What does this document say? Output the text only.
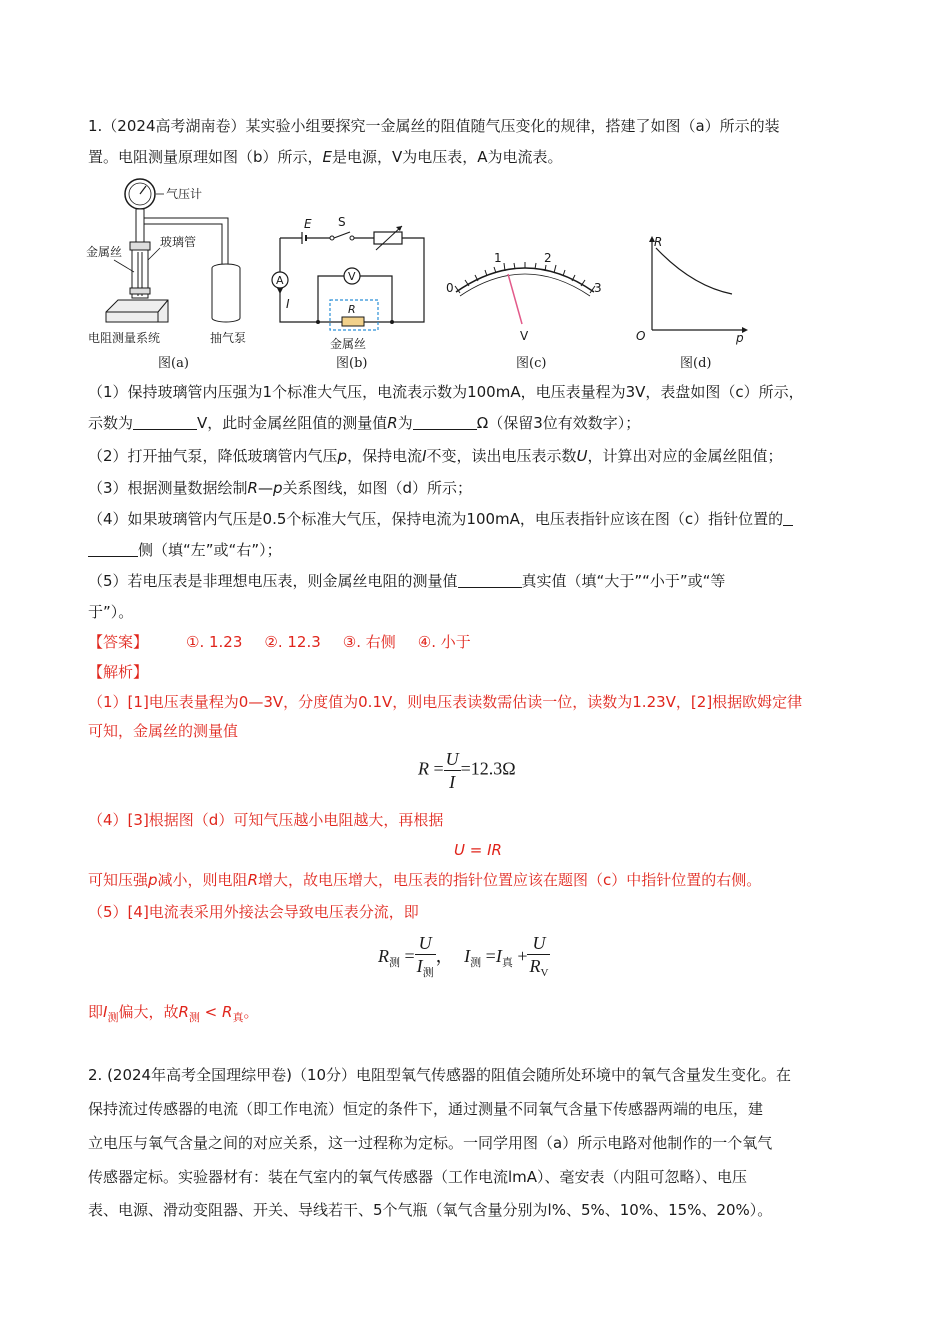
1.（2024高考湖南卷）某实验小组要探究一金属丝的阻值随气压变化的规律，搭建了如图（a）所示的装
置。电阻测量原理如图（b）所示，E是电源，V为电压表，A为电流表。
气压计
金属丝
玻璃管
电阻测量系统	抽气泵
图(a)
E S
A
I
V
R
金属丝
图(b)
0
1	2
3
V
图(c)
R
O	p
图(d)
（1）保持玻璃管内压强为1个标准大气压，电流表示数为100mA，电压表量程为3V，表盘如图（c）所示，
示数为	V，此时金属丝阻值的测量值R为	Ω（保留3位有效数字）；
（2）打开抽气泵，降低玻璃管内气压p，保持电流I不变，读出电压表示数U，计算出对应的金属丝阻值；
（3）根据测量数据绘制R—p关系图线，如图（d）所示；
（4）如果玻璃管内气压是0.5个标准大气压，保持电流为100mA，电压表指针应该在图（c）指针位置的
侧（填“左”或“右”）；
（5）若电压表是非理想电压表，则金属丝电阻的测量值	真实值（填“大于”“小于”或“等
于”）。
【答案】	①. 1.23 ②. 12.3 ③. 右侧 ④. 小于
【解析】
（1）[1]电压表量程为0—3V，分度值为0.1V，则电压表读数需估读一位，读数为1.23V，[2]根据欧姆定律
可知，金属丝的测量值
$R = \frac{U}{I} =12.3\Omega$
（4）[3]根据图（d）可知气压越小电阻越大，再根据
U = IR
可知压强p减小，则电阻R增大，故电压增大，电压表的指针位置应该在题图（c）中指针位置的右侧。
（5）[4]电流表采用外接法会导致电压表分流，即
$R_测 = \frac{U}{I_测}$ ， $I_测 =I_真 + \frac{U}{R_V}$
即$I_测$偏大，故$R_测 < R_真$。
2. (2024年高考全国理综甲卷)（10分）电阻型氧气传感器的阻值会随所处环境中的氧气含量发生变化。在
保持流过传感器的电流（即工作电流）恒定的条件下，通过测量不同氧气含量下传感器两端的电压，建
立电压与氧气含量之间的对应关系，这一过程称为定标。一同学用图（a）所示电路对他制作的一个氧气
传感器定标。实验器材有：装在气室内的氧气传感器（工作电流lmA）、毫安表（内阻可忽略）、电压
表、电源、滑动变阻器、开关、导线若干、5个气瓶（氧气含量分别为l%、5%、10%、15%、20%）。
